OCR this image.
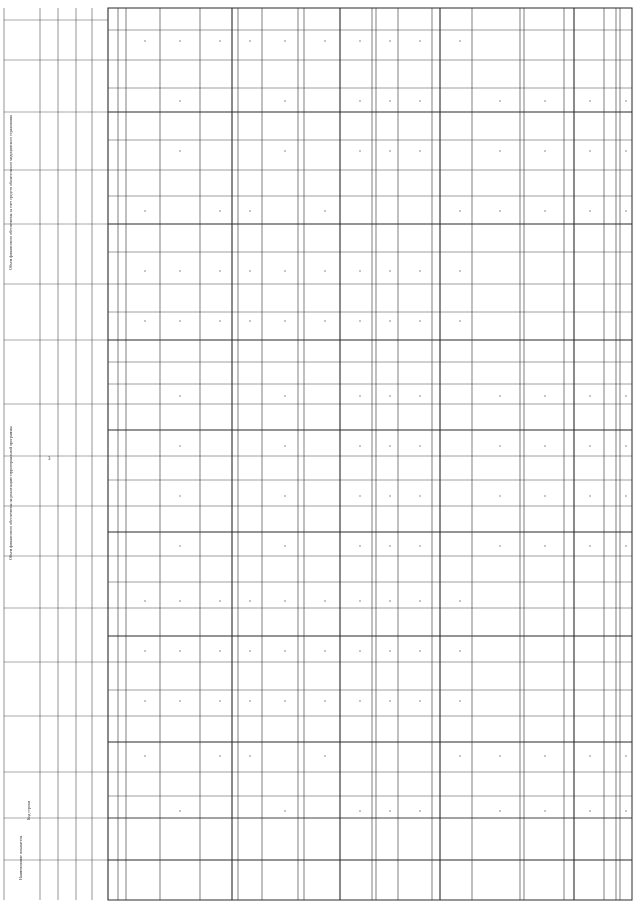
Наименование показателя
Код строки
Объем финансового обеспечения на реализацию территориальной программы
Объем финансового обеспечения за счет средств обязательного медицинского страхования
3
